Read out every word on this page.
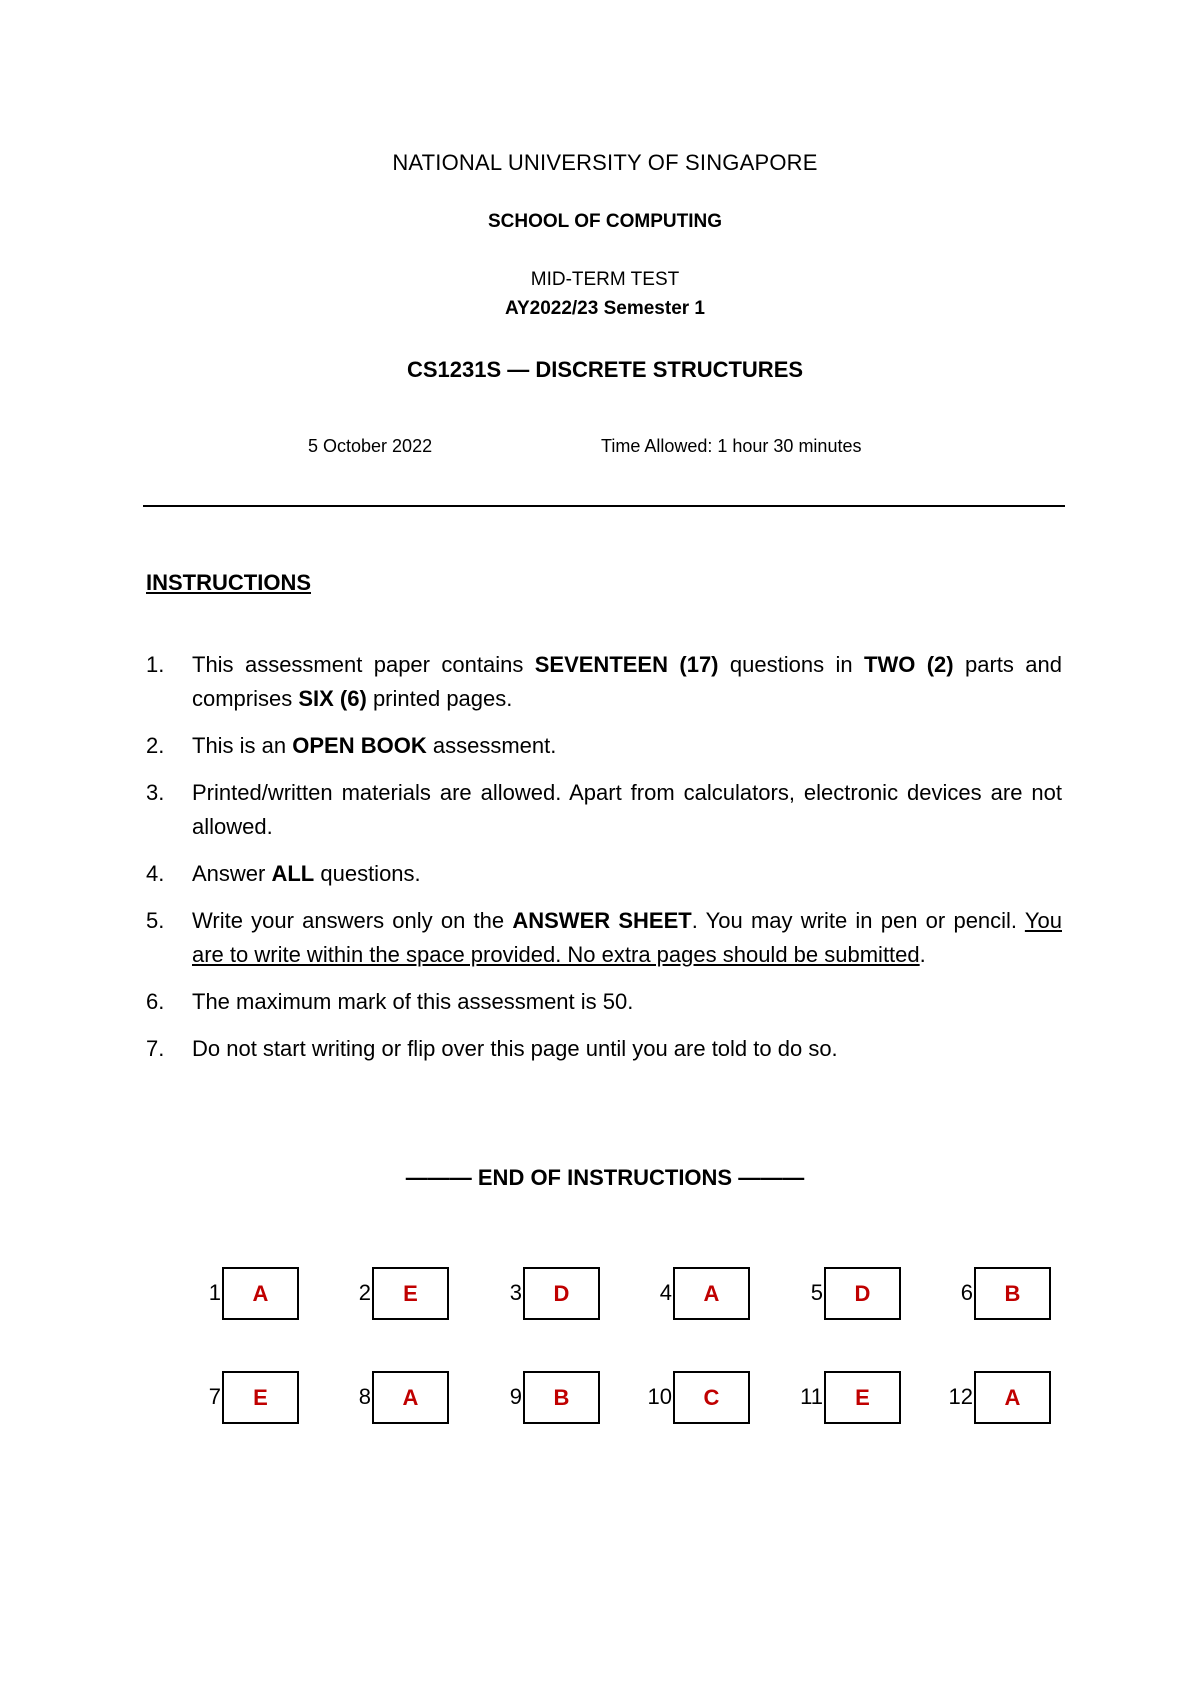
NATIONAL UNIVERSITY OF SINGAPORE
SCHOOL OF COMPUTING
MID-TERM TEST
AY2022/23 Semester 1
CS1231S — DISCRETE STRUCTURES
5 October 2022	Time Allowed: 1 hour 30 minutes
INSTRUCTIONS
1.	This assessment paper contains SEVENTEEN (17) questions in TWO (2) parts and comprises SIX (6) printed pages.
2.	This is an OPEN BOOK assessment.
3.	Printed/written materials are allowed. Apart from calculators, electronic devices are not allowed.
4.	Answer ALL questions.
5.	Write your answers only on the ANSWER SHEET. You may write in pen or pencil. You are to write within the space provided. No extra pages should be submitted.
6.	The maximum mark of this assessment is 50.
7.	Do not start writing or flip over this page until you are told to do so.
——— END OF INSTRUCTIONS ———
1	A	2	E	3	D	4	A	5	D	6	B
7	E	8	A	9	B	10	C	11	E	12	A
